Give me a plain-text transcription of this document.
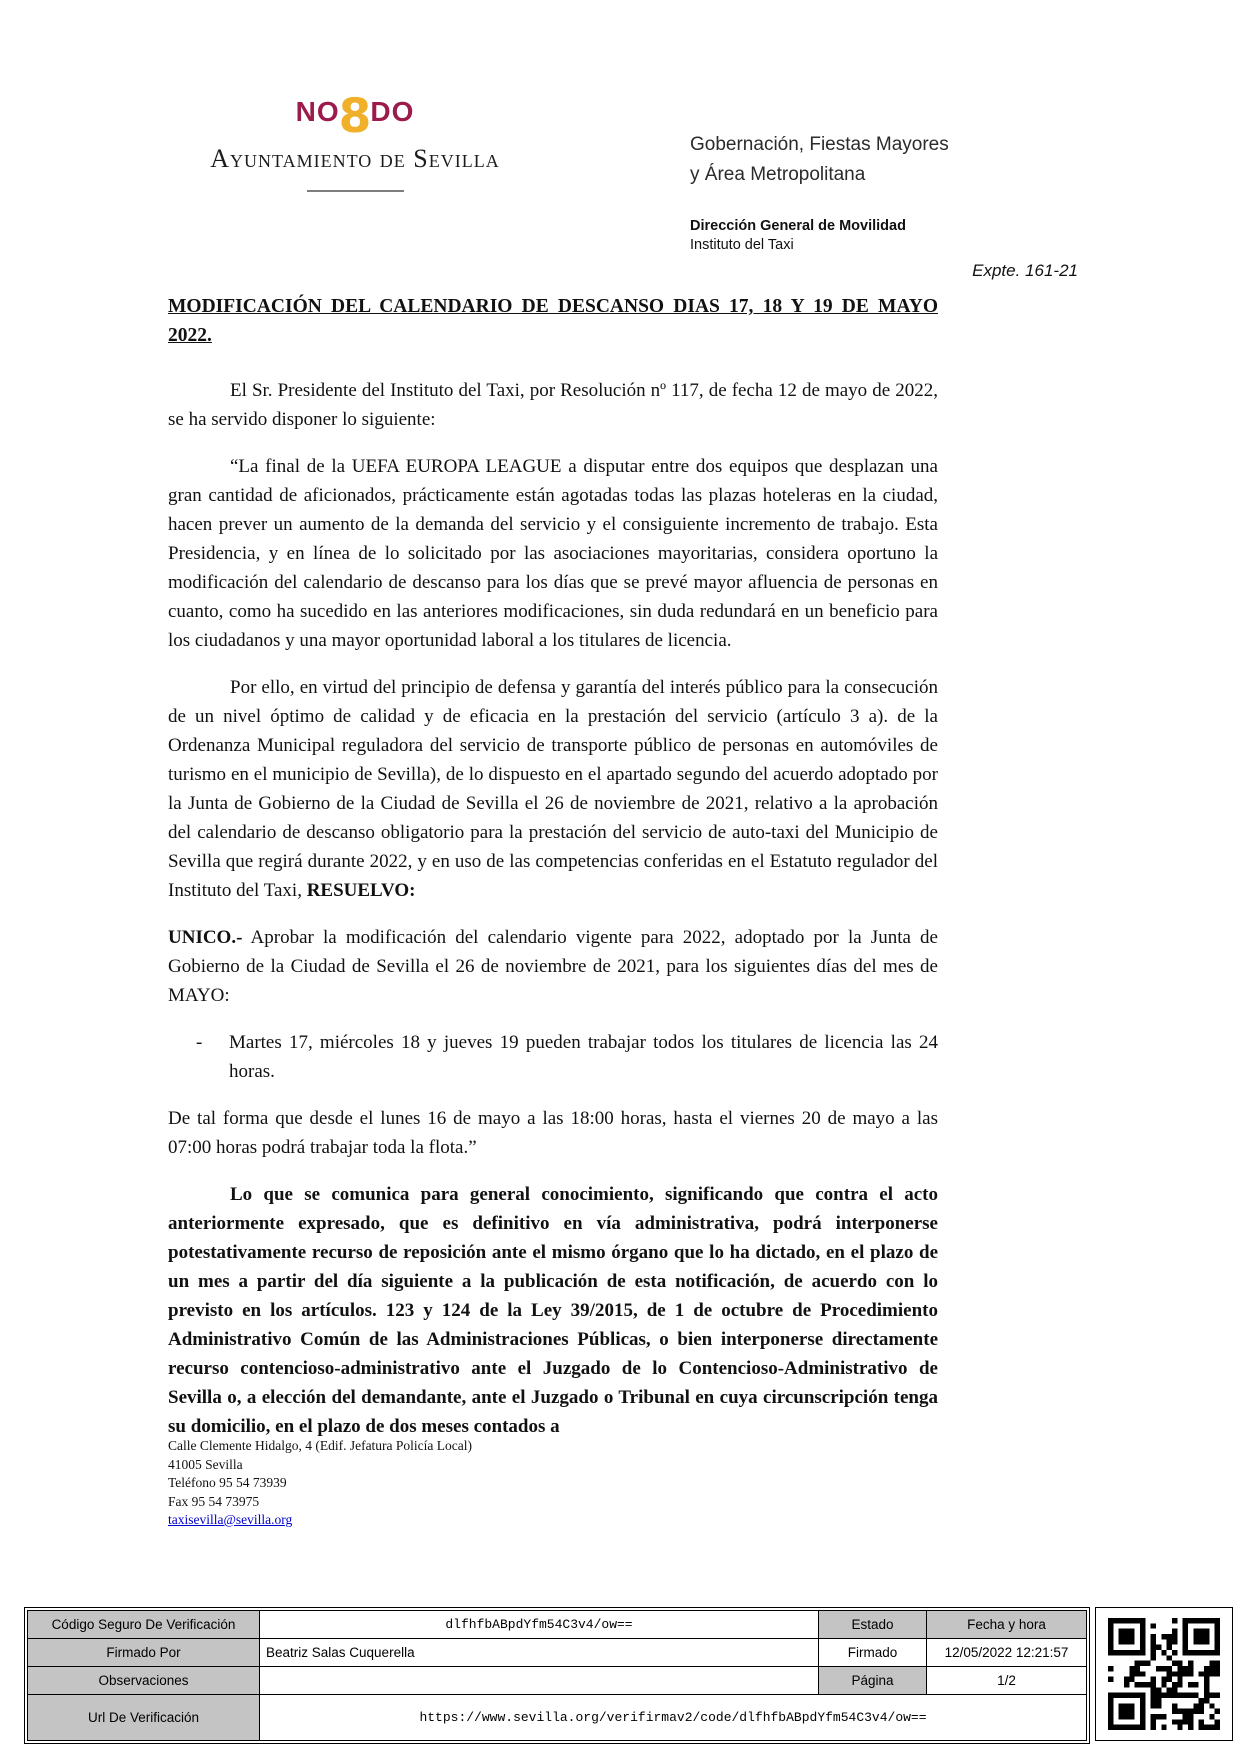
NO 8 DO
Ayuntamiento de Sevilla	Gobernación, Fiestas Mayores
y Área Metropolitana
Dirección General de Movilidad
Instituto del Taxi
Expte. 161-21
MODIFICACIÓN DEL CALENDARIO DE DESCANSO DIAS 17, 18 Y 19 DE MAYO
2022.

El Sr. Presidente del Instituto del Taxi, por Resolución nº 117, de fecha 12 de mayo de 2022, se ha servido disponer lo siguiente:

“La final de la UEFA EUROPA LEAGUE a disputar entre dos equipos que desplazan una gran cantidad de aficionados, prácticamente están agotadas todas las plazas hoteleras en la ciudad, hacen prever un aumento de la demanda del servicio y el consiguiente incremento de trabajo. Esta Presidencia, y en línea de lo solicitado por las asociaciones mayoritarias, considera oportuno la modificación del calendario de descanso para los días que se prevé mayor afluencia de personas en cuanto, como ha sucedido en las anteriores modificaciones, sin duda redundará en un beneficio para los ciudadanos y una mayor oportunidad laboral a los titulares de licencia.

Por ello, en virtud del principio de defensa y garantía del interés público para la consecución de un nivel óptimo de calidad y de eficacia en la prestación del servicio (artículo 3 a). de la Ordenanza Municipal reguladora del servicio de transporte público de personas en automóviles de turismo en el municipio de Sevilla), de lo dispuesto en el apartado segundo del acuerdo adoptado por la Junta de Gobierno de la Ciudad de Sevilla el 26 de noviembre de 2021, relativo a la aprobación del calendario de descanso obligatorio para la prestación del servicio de auto-taxi del Municipio de Sevilla que regirá durante 2022, y en uso de las competencias conferidas en el Estatuto regulador del Instituto del Taxi, RESUELVO:

UNICO.- Aprobar la modificación del calendario vigente para 2022, adoptado por la Junta de Gobierno de la Ciudad de Sevilla el 26 de noviembre de 2021, para los siguientes días del mes de MAYO:

-	Martes 17, miércoles 18 y jueves 19 pueden trabajar todos los titulares de licencia las 24 horas.

De tal forma que desde el lunes 16 de mayo a las 18:00 horas, hasta el viernes 20 de mayo a las 07:00 horas podrá trabajar toda la flota.”

Lo que se comunica para general conocimiento, significando que contra el acto anteriormente expresado, que es definitivo en vía administrativa, podrá interponerse potestativamente recurso de reposición ante el mismo órgano que lo ha dictado, en el plazo de un mes a partir del día siguiente a la publicación de esta notificación, de acuerdo con lo previsto en los artículos. 123 y 124 de la Ley 39/2015, de 1 de octubre de Procedimiento Administrativo Común de las Administraciones Públicas, o bien interponerse directamente recurso contencioso-administrativo ante el Juzgado de lo Contencioso-Administrativo de Sevilla o, a elección del demandante, ante el Juzgado o Tribunal en cuya circunscripción tenga su domicilio, en el plazo de dos meses contados a

Calle Clemente Hidalgo, 4 (Edif. Jefatura Policía Local)
41005 Sevilla
Teléfono 95 54 73939
Fax 95 54 73975
taxisevilla@sevilla.org
Código Seguro De Verificación	dlfhfbABpdYfm54C3v4/ow==	Estado	Fecha y hora
Firmado Por	Beatriz Salas Cuquerella	Firmado	12/05/2022 12:21:57
Observaciones		Página	1/2
Url De Verificación	https://www.sevilla.org/verifirmav2/code/dlfhfbABpdYfm54C3v4/ow==		
